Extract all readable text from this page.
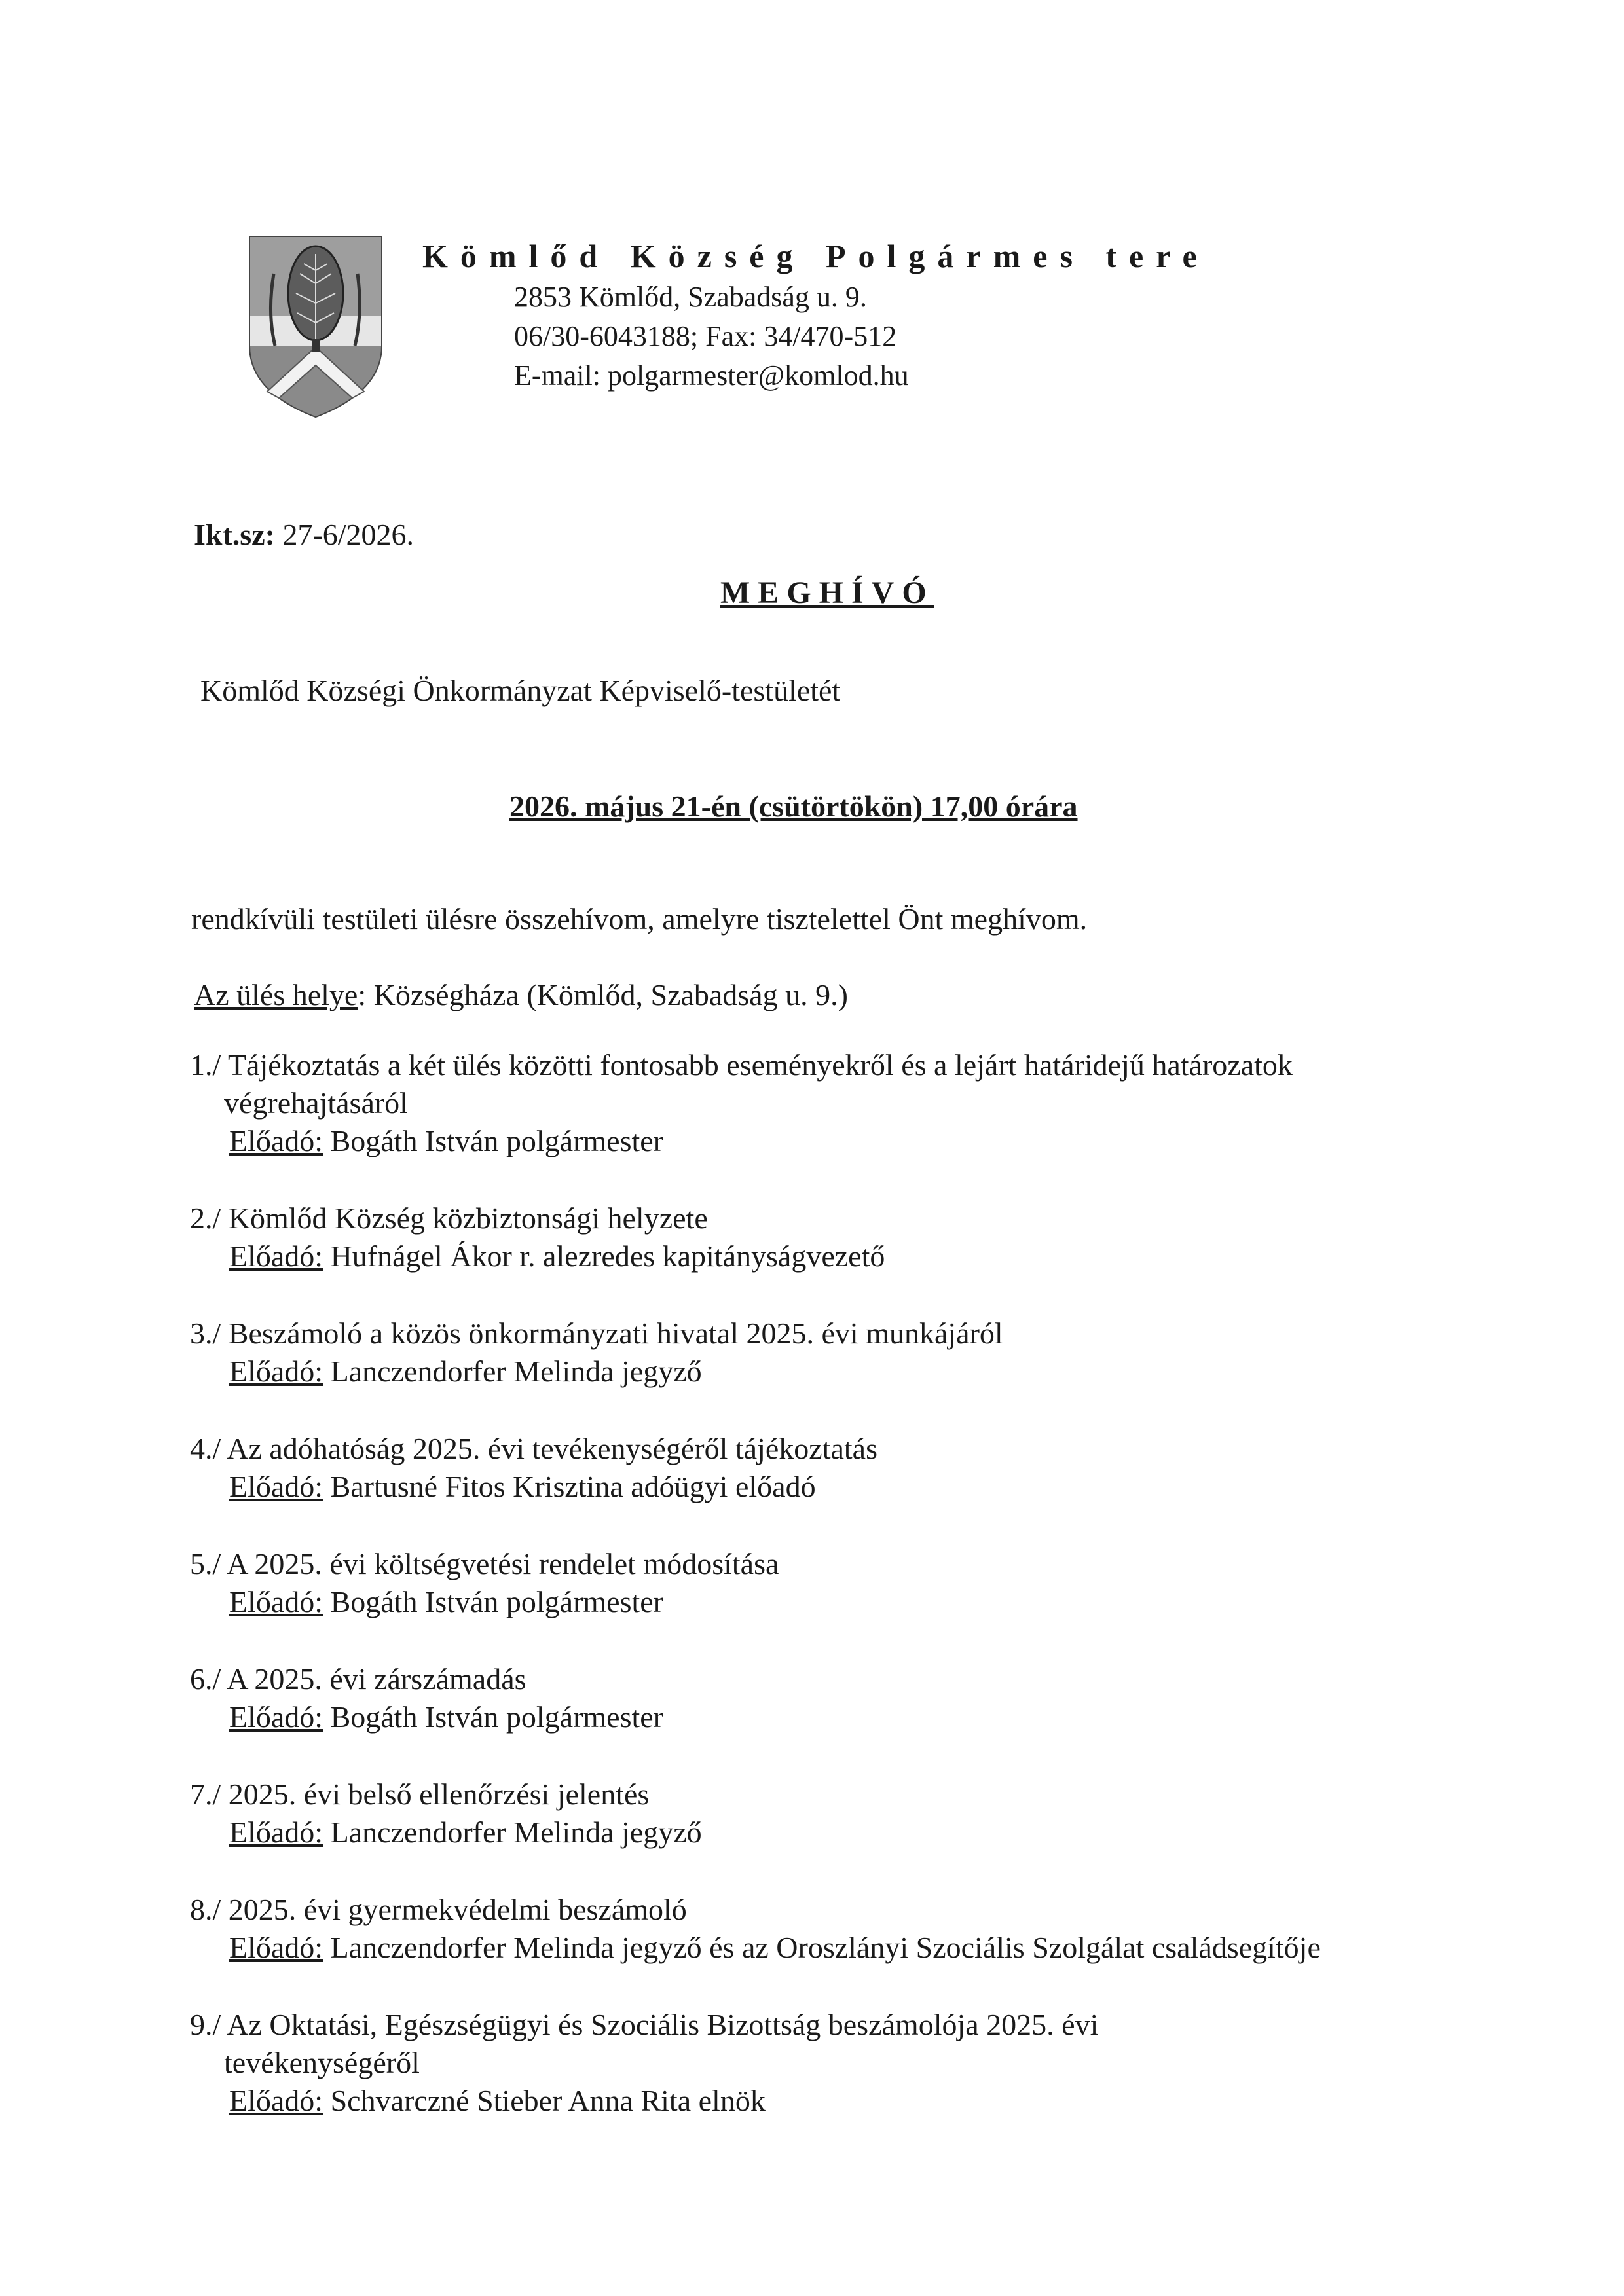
Kömlőd Község Polgármes tere
2853 Kömlőd, Szabadság u. 9.
06/30-6043188; Fax: 34/470-512
E-mail: polgarmester@komlod.hu
Ikt.sz: 27-6/2026.
MEGHÍVÓ
Kömlőd Községi Önkormányzat Képviselő-testületét
2026. május 21-én (csütörtökön) 17,00 órára
rendkívüli testületi ülésre összehívom, amelyre tisztelettel Önt meghívom.
Az ülés helye: Községháza (Kömlőd, Szabadság u. 9.)
1./ Tájékoztatás a két ülés közötti fontosabb eseményekről és a lejárt határidejű határozatok
végrehajtásáról
Előadó: Bogáth István polgármester
2./ Kömlőd Község közbiztonsági helyzete
Előadó: Hufnágel Ákor r. alezredes kapitányságvezető
3./ Beszámoló a közös önkormányzati hivatal 2025. évi munkájáról
Előadó: Lanczendorfer Melinda jegyző
4./ Az adóhatóság 2025. évi tevékenységéről tájékoztatás
Előadó: Bartusné Fitos Krisztina adóügyi előadó
5./ A 2025. évi költségvetési rendelet módosítása
Előadó: Bogáth István polgármester
6./ A 2025. évi zárszámadás
Előadó: Bogáth István polgármester
7./ 2025. évi belső ellenőrzési jelentés
Előadó: Lanczendorfer Melinda jegyző
8./ 2025. évi gyermekvédelmi beszámoló
Előadó: Lanczendorfer Melinda jegyző és az Oroszlányi Szociális Szolgálat családsegítője
9./ Az Oktatási, Egészségügyi és Szociális Bizottság beszámolója 2025. évi
tevékenységéről
Előadó: Schvarczné Stieber Anna Rita elnök
